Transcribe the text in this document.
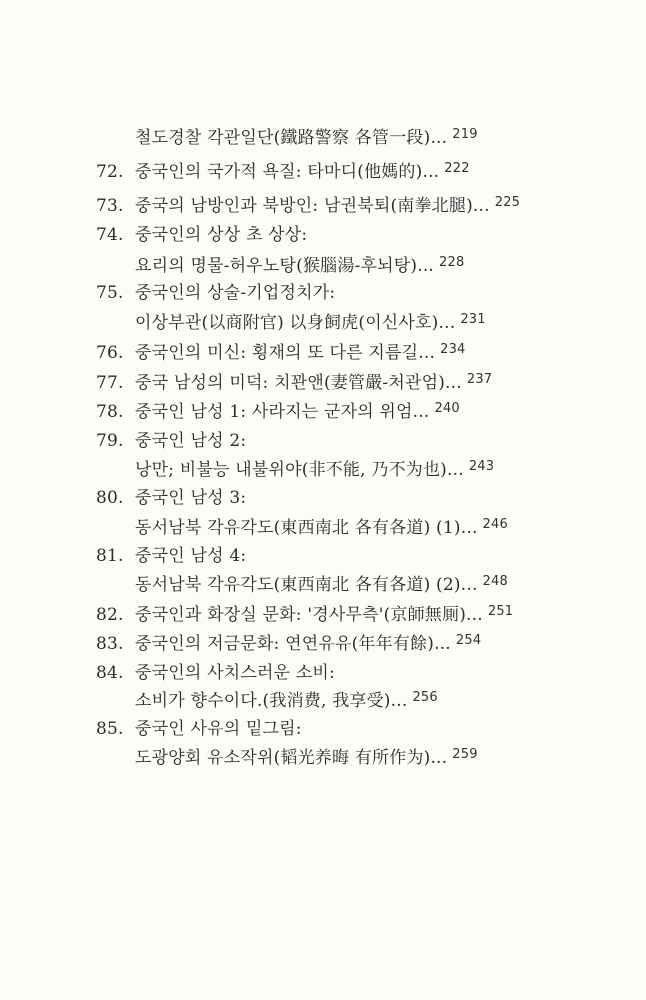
철도경찰 각관일단(鐵路警察 各管一段)... $^{219}$
72. 중국인의 국가적 욕질: 타마디(他媽的)... $^{222}$
73. 중국의 남방인과 북방인: 남권북퇴(南拳北腿)... $^{225}$
74. 중국인의 상상 초 상상:
요리의 명물-허우노탕(猴腦湯-후뇌탕)... $^{228}$
75. 중국인의 상술-기업정치가:
이상부관(以商附官) 以身飼虎(이신사호)... $^{231}$
76. 중국인의 미신: 횡재의 또 다른 지름길... $^{234}$
77. 중국 남성의 미덕: 치꽌앤(妻管嚴-처관엄)... $^{237}$
78. 중국인 남성 1: 사라지는 군자의 위엄... $^{240}$
79. 중국인 남성 2:
낭만; 비불능 내불위야(非不能, 乃不为也)... $^{243}$
80. 중국인 남성 3:
동서남북 각유각도(東西南北 各有各道) (1)... $^{246}$
81. 중국인 남성 4:
동서남북 각유각도(東西南北 各有各道) (2)... $^{248}$
82. 중국인과 화장실 문화: '경사무측'(京師無厠)... $^{251}$
83. 중국인의 저금문화: 연연유유(年年有餘)... $^{254}$
84. 중국인의 사치스러운 소비:
소비가 향수이다.(我消费, 我享受)... $^{256}$
85. 중국인 사유의 밑그림:
도광양회 유소작위(韬光养晦 有所作为)... $^{259}$
